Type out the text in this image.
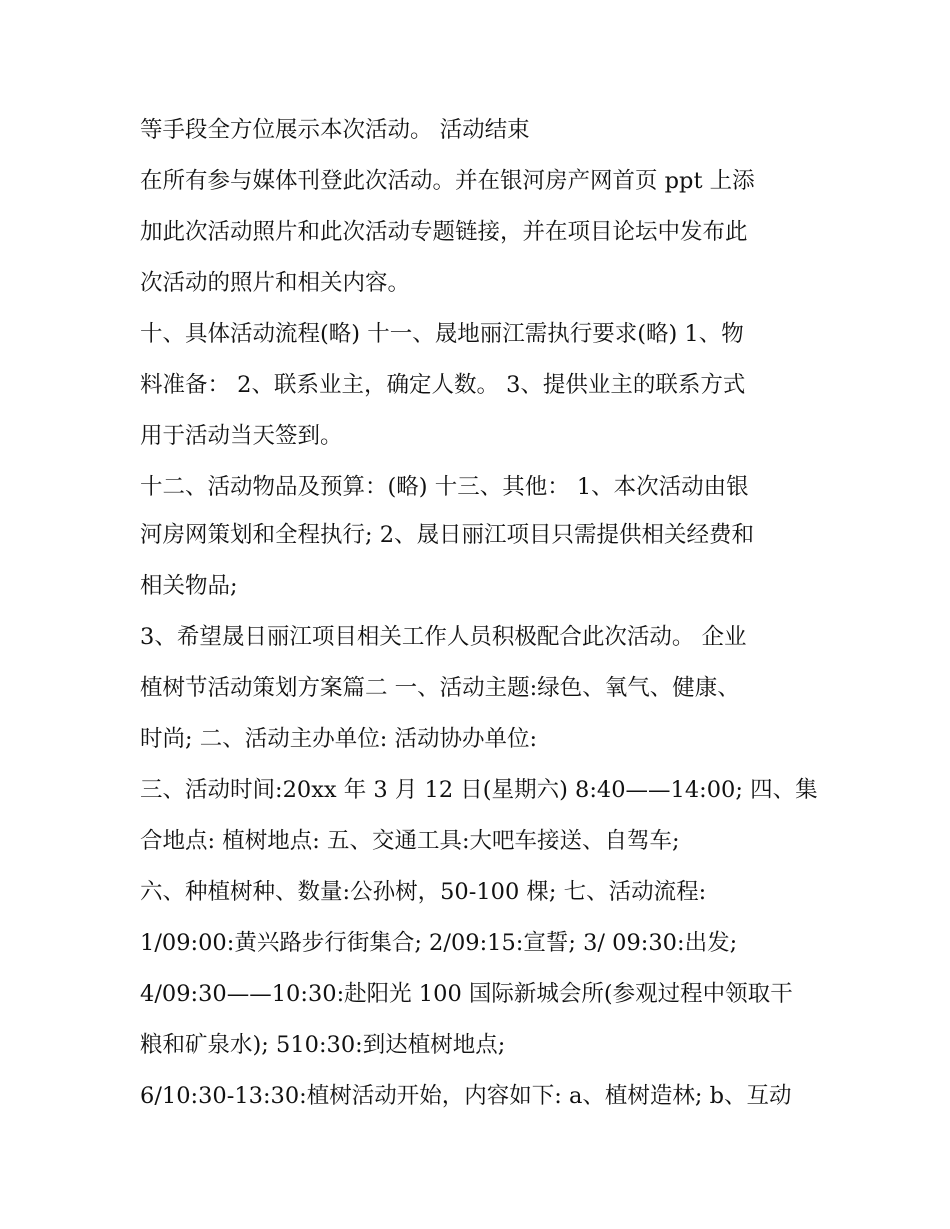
等手段全方位展示本次活动。 活动结束
在所有参与媒体刊登此次活动。并在银河房产网首页 ppt 上添
加此次活动照片和此次活动专题链接，并在项目论坛中发布此
次活动的照片和相关内容。
十、具体活动流程(略) 十一、晟地丽江需执行要求(略) 1、物
料准备： 2、联系业主，确定人数。 3、提供业主的联系方式
用于活动当天签到。
十二、活动物品及预算：(略) 十三、其他： 1、本次活动由银
河房网策划和全程执行; 2、晟日丽江项目只需提供相关经费和
相关物品;
3、希望晟日丽江项目相关工作人员积极配合此次活动。 企业
植树节活动策划方案篇二 一、活动主题:绿色、氧气、健康、
时尚; 二、活动主办单位: 活动协办单位:
三、活动时间:20xx 年 3 月 12 日(星期六) 8:40——14:00; 四、集
合地点: 植树地点: 五、交通工具:大吧车接送、自驾车;
六、种植树种、数量:公孙树，50-100 棵; 七、活动流程:
1/09:00:黄兴路步行街集合; 2/09:15:宣誓; 3/ 09:30:出发;
4/09:30——10:30:赴阳光 100 国际新城会所(参观过程中领取干
粮和矿泉水); 510:30:到达植树地点;
6/10:30-13:30:植树活动开始，内容如下: a、植树造林; b、互动
